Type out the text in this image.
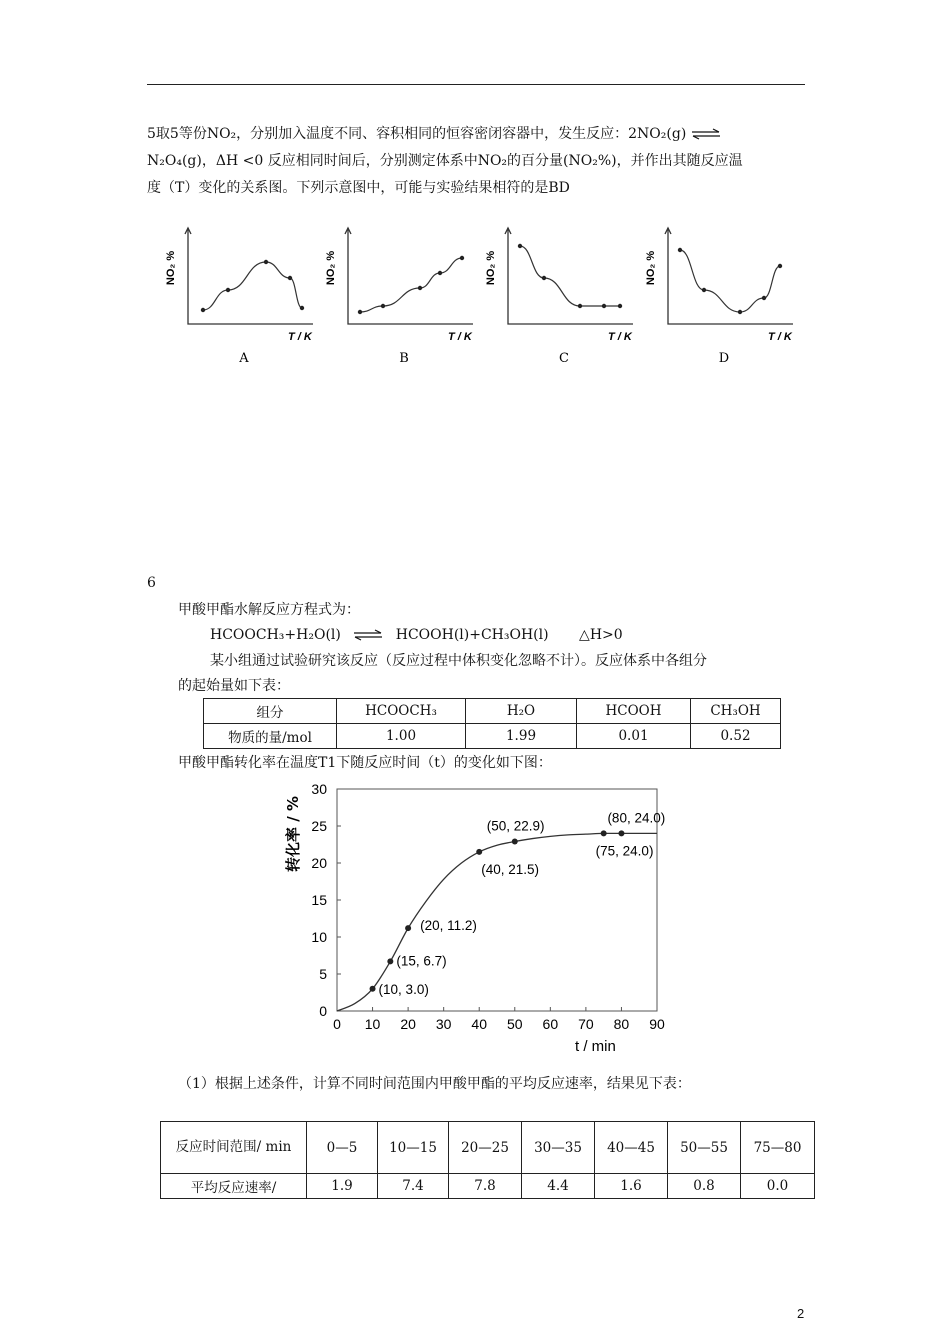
5取5等份NO₂，分别加入温度不同、容积相同的恒容密闭容器中，发生反应：2NO₂(g) ⇌
N₂O₄(g)，ΔH <0 反应相同时间后，分别测定体系中NO₂的百分量(NO₂%)，并作出其随反应温
度（T）变化的关系图。下列示意图中，可能与实验结果相符的是BD
NO₂ %
T / K
A
NO₂ %
T / K
B
NO₂ %
T / K
C
NO₂ %
T / K
D
6
甲酸甲酯水解反应方程式为：
HCOOCH₃+H₂O(l) ⇌ HCOOH(l)+CH₃OH(l) △H>0
某小组通过试验研究该反应（反应过程中体积变化忽略不计）。反应体系中各组分
的起始量如下表：
组分	HCOOCH₃	H₂O	HCOOH	CH₃OH
物质的量/mol	1.00	1.99	0.01	0.52
甲酸甲酯转化率在温度T1下随反应时间（t）的变化如下图：
0 10 20 30 40 50 60 70 80 90
0
5
10
15
20
25
30
(10, 3.0)
(15, 6.7)
(20, 11.2)
(40, 21.5)
(50, 22.9)
(75, 24.0)
(80, 24.0)
t / min
转化率 / %
（1）根据上述条件，计算不同时间范围内甲酸甲酯的平均反应速率，结果见下表：
反应时间范围/ min	0—5	10—15	20—25	30—35	40—45	50—55	75—80
平均反应速率/	1.9	7.4	7.8	4.4	1.6	0.8	0.0
2
